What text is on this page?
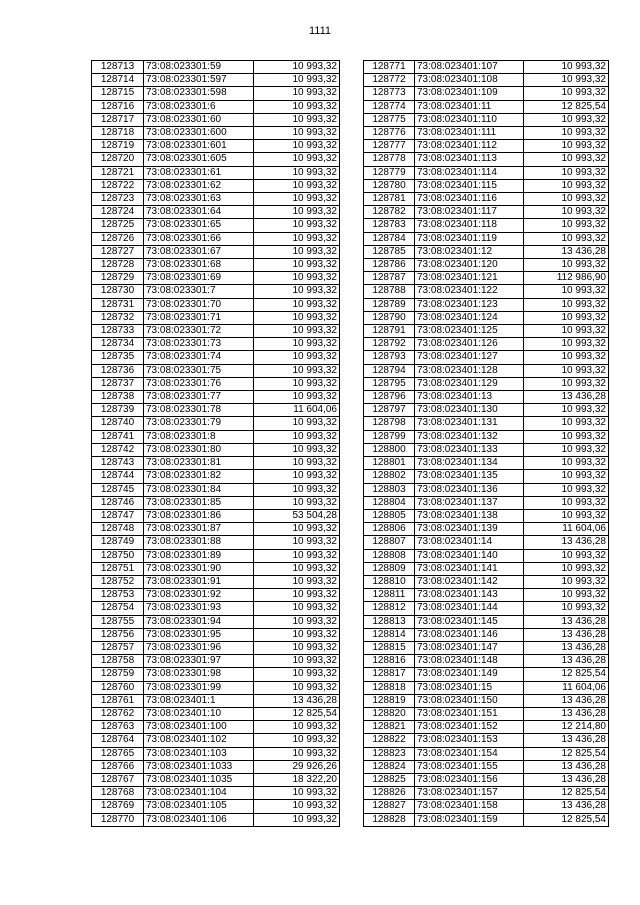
1111
128713	73:08:023301:59	10 993,32
128714	73:08:023301:597	10 993,32
128715	73:08:023301:598	10 993,32
128716	73:08:023301:6	10 993,32
128717	73:08:023301:60	10 993,32
128718	73:08:023301:600	10 993,32
128719	73:08:023301:601	10 993,32
128720	73:08:023301:605	10 993,32
128721	73:08:023301:61	10 993,32
128722	73:08:023301:62	10 993,32
128723	73:08:023301:63	10 993,32
128724	73:08:023301:64	10 993,32
128725	73:08:023301:65	10 993,32
128726	73:08:023301:66	10 993,32
128727	73:08:023301:67	10 993,32
128728	73:08:023301:68	10 993,32
128729	73:08:023301:69	10 993,32
128730	73:08:023301:7	10 993,32
128731	73:08:023301:70	10 993,32
128732	73:08:023301:71	10 993,32
128733	73:08:023301:72	10 993,32
128734	73:08:023301:73	10 993,32
128735	73:08:023301:74	10 993,32
128736	73:08:023301:75	10 993,32
128737	73:08:023301:76	10 993,32
128738	73:08:023301:77	10 993,32
128739	73:08:023301:78	11 604,06
128740	73:08:023301:79	10 993,32
128741	73:08:023301:8	10 993,32
128742	73:08:023301:80	10 993,32
128743	73:08:023301:81	10 993,32
128744	73:08:023301:82	10 993,32
128745	73:08:023301:84	10 993,32
128746	73:08:023301:85	10 993,32
128747	73:08:023301:86	53 504,28
128748	73:08:023301:87	10 993,32
128749	73:08:023301:88	10 993,32
128750	73:08:023301:89	10 993,32
128751	73:08:023301:90	10 993,32
128752	73:08:023301:91	10 993,32
128753	73:08:023301:92	10 993,32
128754	73:08:023301:93	10 993,32
128755	73:08:023301:94	10 993,32
128756	73:08:023301:95	10 993,32
128757	73:08:023301:96	10 993,32
128758	73:08:023301:97	10 993,32
128759	73:08:023301:98	10 993,32
128760	73:08:023301:99	10 993,32
128761	73:08:023401:1	13 436,28
128762	73:08:023401:10	12 825,54
128763	73:08:023401:100	10 993,32
128764	73:08:023401:102	10 993,32
128765	73:08:023401:103	10 993,32
128766	73:08:023401:1033	29 926,26
128767	73:08:023401:1035	18 322,20
128768	73:08:023401:104	10 993,32
128769	73:08:023401:105	10 993,32
128770	73:08:023401:106	10 993,32
128771	73:08:023401:107	10 993,32
128772	73:08:023401:108	10 993,32
128773	73:08:023401:109	10 993,32
128774	73:08:023401:11	12 825,54
128775	73:08:023401:110	10 993,32
128776	73:08:023401:111	10 993,32
128777	73:08:023401:112	10 993,32
128778	73:08:023401:113	10 993,32
128779	73:08:023401:114	10 993,32
128780	73:08:023401:115	10 993,32
128781	73:08:023401:116	10 993,32
128782	73:08:023401:117	10 993,32
128783	73:08:023401:118	10 993,32
128784	73:08:023401:119	10 993,32
128785	73:08:023401:12	13 436,28
128786	73:08:023401:120	10 993,32
128787	73:08:023401:121	112 986,90
128788	73:08:023401:122	10 993,32
128789	73:08:023401:123	10 993,32
128790	73:08:023401:124	10 993,32
128791	73:08:023401:125	10 993,32
128792	73:08:023401:126	10 993,32
128793	73:08:023401:127	10 993,32
128794	73:08:023401:128	10 993,32
128795	73:08:023401:129	10 993,32
128796	73:08:023401:13	13 436,28
128797	73:08:023401:130	10 993,32
128798	73:08:023401:131	10 993,32
128799	73:08:023401:132	10 993,32
128800	73:08:023401:133	10 993,32
128801	73:08:023401:134	10 993,32
128802	73:08:023401:135	10 993,32
128803	73:08:023401:136	10 993,32
128804	73:08:023401:137	10 993,32
128805	73:08:023401:138	10 993,32
128806	73:08:023401:139	11 604,06
128807	73:08:023401:14	13 436,28
128808	73:08:023401:140	10 993,32
128809	73:08:023401:141	10 993,32
128810	73:08:023401:142	10 993,32
128811	73:08:023401:143	10 993,32
128812	73:08:023401:144	10 993,32
128813	73:08:023401:145	13 436,28
128814	73:08:023401:146	13 436,28
128815	73:08:023401:147	13 436,28
128816	73:08:023401:148	13 436,28
128817	73:08:023401:149	12 825,54
128818	73:08:023401:15	11 604,06
128819	73:08:023401:150	13 436,28
128820	73:08:023401:151	13 436,28
128821	73:08:023401:152	12 214,80
128822	73:08:023401:153	13 436,28
128823	73:08:023401:154	12 825,54
128824	73:08:023401:155	13 436,28
128825	73:08:023401:156	13 436,28
128826	73:08:023401:157	12 825,54
128827	73:08:023401:158	13 436,28
128828	73:08:023401:159	12 825,54
